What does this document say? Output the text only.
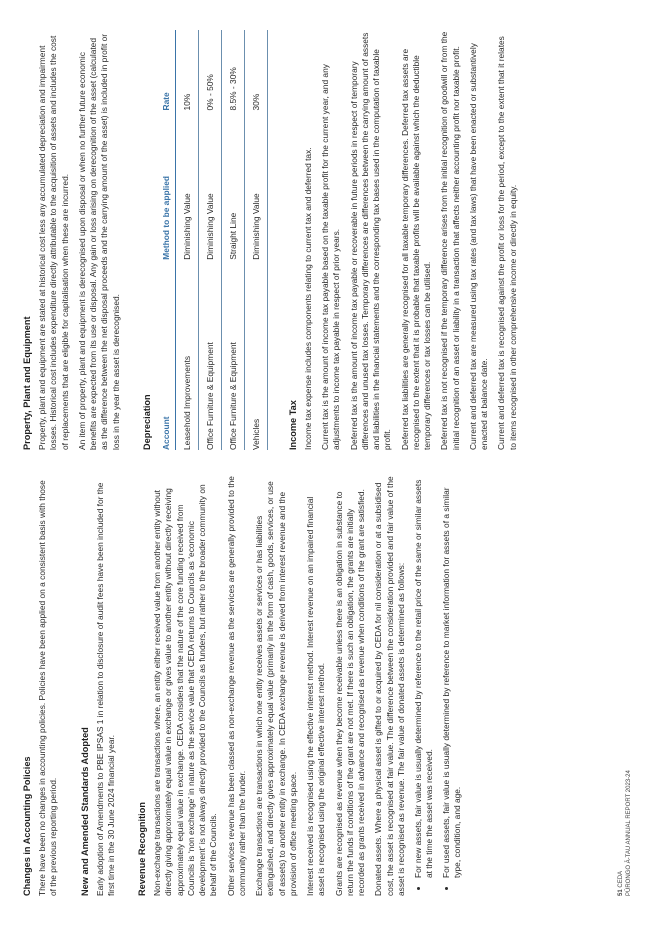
Changes in Accounting Policies There have been no changes in accounting policies. Policies have been applied on a consistent basis with those of the previous reporting period. New and Amended Standards Adopted Early adoption of Amendments to PBE IPSAS 1 in relation to disclosure of audit fees have been included for the first time in the 30 June 2024 financial year. Revenue Recognition Non-exchange transactions are transactions where, an entity either received value from another entity without directly giving approximately equal value in exchange or gives value to another entity without directly receiving approximately equal value in exchange. CEDA considers that the nature of the core funding received from Councils is ‘non exchange’ in nature as the service value that CEDA returns to Councils as ‘economic development’ is not always directly provided to the Councils as funders, but rather to the broader community on behalf of the Councils. Other services revenue has been classed as non-exchange revenue as the services are generally provided to the community rather than the funder. Exchange transactions are transactions in which one entity receives assets or services or has liabilities extinguished, and directly gives approximately equal value (primarily in the form of cash, goods, services, or use of assets) to another entity in exchange. In CEDA exchange revenue is derived from interest revenue and the provision of office meeting space. Interest received is recognised using the effective interest method. Interest revenue on an impaired financial asset is recognised using the original effective interest method. Grants are recognised as revenue when they become receivable unless there is an obligation in substance to return the funds if conditions of the grant are not met. If there is such an obligation, the grants are initially recorded as grants received in advance and recognised as revenue when conditions of the grant are satisfied. Donated assets. Where a physical asset is gifted to or acquired by CEDA for nil consideration or at a subsidised cost, the asset is recognised at fair value. The difference between the consideration provided and fair value of the asset is recognised as revenue. The fair value of donated assets is determined as follows: • For new assets, fair value is usually determined by reference to the retail price of the same or similar assets at the time the asset was received. • For used assets, fair value is usually determined by reference to market information for assets of a similar type, condition, and age.
Property, Plant and Equipment Property, plant and equipment are stated at historical cost less any accumulated depreciation and impairment losses. Historical cost includes expenditure directly attributable to the acquisition of assets and includes the cost of replacements that are eligible for capitalisation when these are incurred. An item of property, plant and equipment is derecognised upon disposal or when no further future economic benefits are expected from its use or disposal. Any gain or loss arising on derecognition of the asset (calculated as the difference between the net disposal proceeds and the carrying amount of the asset) is included in profit or loss in the year the asset is derecognised. Depreciation Account	Method to be applied	Rate
Leasehold Improvements	Diminishing Value	10%
Office Furniture & Equipment	Diminishing Value	0% - 50%
Office Furniture & Equipment	Straight Line	8.5% - 30%
Vehicles	Diminishing Value	30%
Income Tax Income tax expense includes components relating to current tax and deferred tax. Current tax is the amount of income tax payable based on the taxable profit for the current year, and any adjustments to income tax payable in respect of prior years. Deferred tax is the amount of income tax payable or recoverable in future periods in respect of temporary differences and unused tax losses. Temporary differences are differences between the carrying amount of assets and liabilities in the financial statements and the corresponding tax bases used in the computation of taxable profit. Deferred tax liabilities are generally recognised for all taxable temporary differences. Deferred tax assets are recognised to the extent that it is probable that taxable profits will be available against which the deductible temporary differences or tax losses can be utilised. Deferred tax is not recognised if the temporary difference arises from the initial recognition of goodwill or from the initial recognition of an asset or liability in a transaction that affects neither accounting profit nor taxable profit. Current and deferred tax are measured using tax rates (and tax laws) that have been enacted or substantively enacted at balance date. Current and deferred tax is recognised against the profit or loss for the period, except to the extent that it relates to items recognised in other comprehensive income or directly in equity.

51 CEDA PŪRONGO Ā-TAU ANNUAL REPORT 2023-24
